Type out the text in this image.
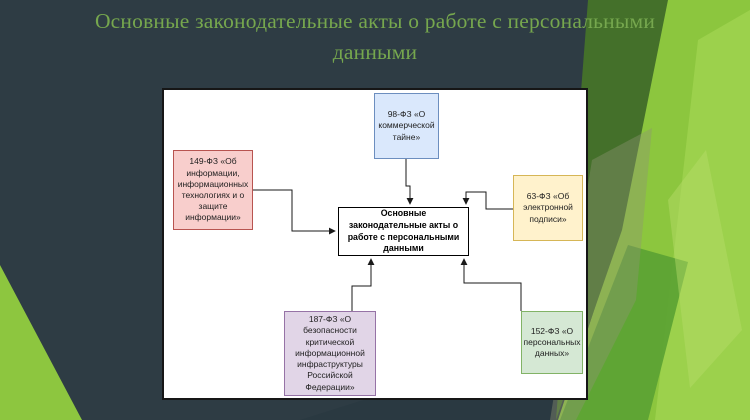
Основные законодательные акты о работе с персональными данными
98-ФЗ «О коммерческой тайне»
149-ФЗ «Об информации, информационных технологиях и о защите информации»
63-ФЗ «Об электронной подписи»
Основные законодательные акты о работе с персональными данными
187-ФЗ «О безопасности критической информационной инфраструктуры Российской Федерации»
152-ФЗ «О персональных данных»
